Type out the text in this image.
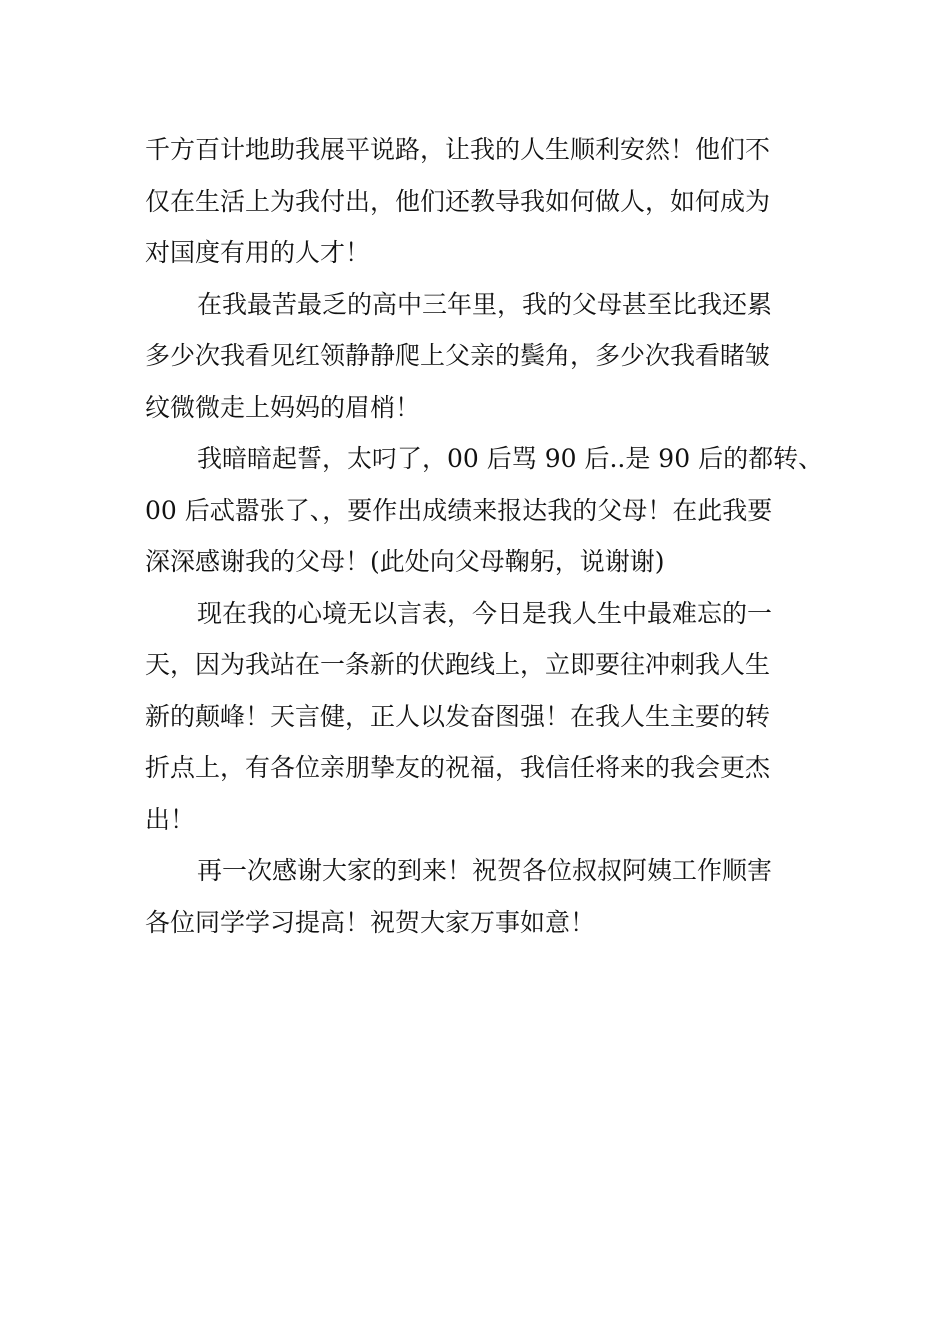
千方百计地助我展平说路，让我的人生顺利安然！他们不
仅在生活上为我付出，他们还教导我如何做人，如何成为
对国度有用的人才！
在我最苦最乏的高中三年里，我的父母甚至比我还累
多少次我看见红领静静爬上父亲的鬓角，多少次我看睹皱
纹微微走上妈妈的眉梢！
我暗暗起誓，太叼了，00 后骂 90 后..是 90 后的都转、
00 后忒嚣张了、，要作出成绩来报达我的父母！在此我要
深深感谢我的父母！(此处向父母鞠躬，说谢谢)
现在我的心境无以言表，今日是我人生中最难忘的一
天，因为我站在一条新的伏跑线上，立即要往冲刺我人生
新的颠峰！天言健，正人以发奋图强！在我人生主要的转
折点上，有各位亲朋挚友的祝福，我信任将来的我会更杰
出！
再一次感谢大家的到来！祝贺各位叔叔阿姨工作顺害
各位同学学习提高！祝贺大家万事如意！
